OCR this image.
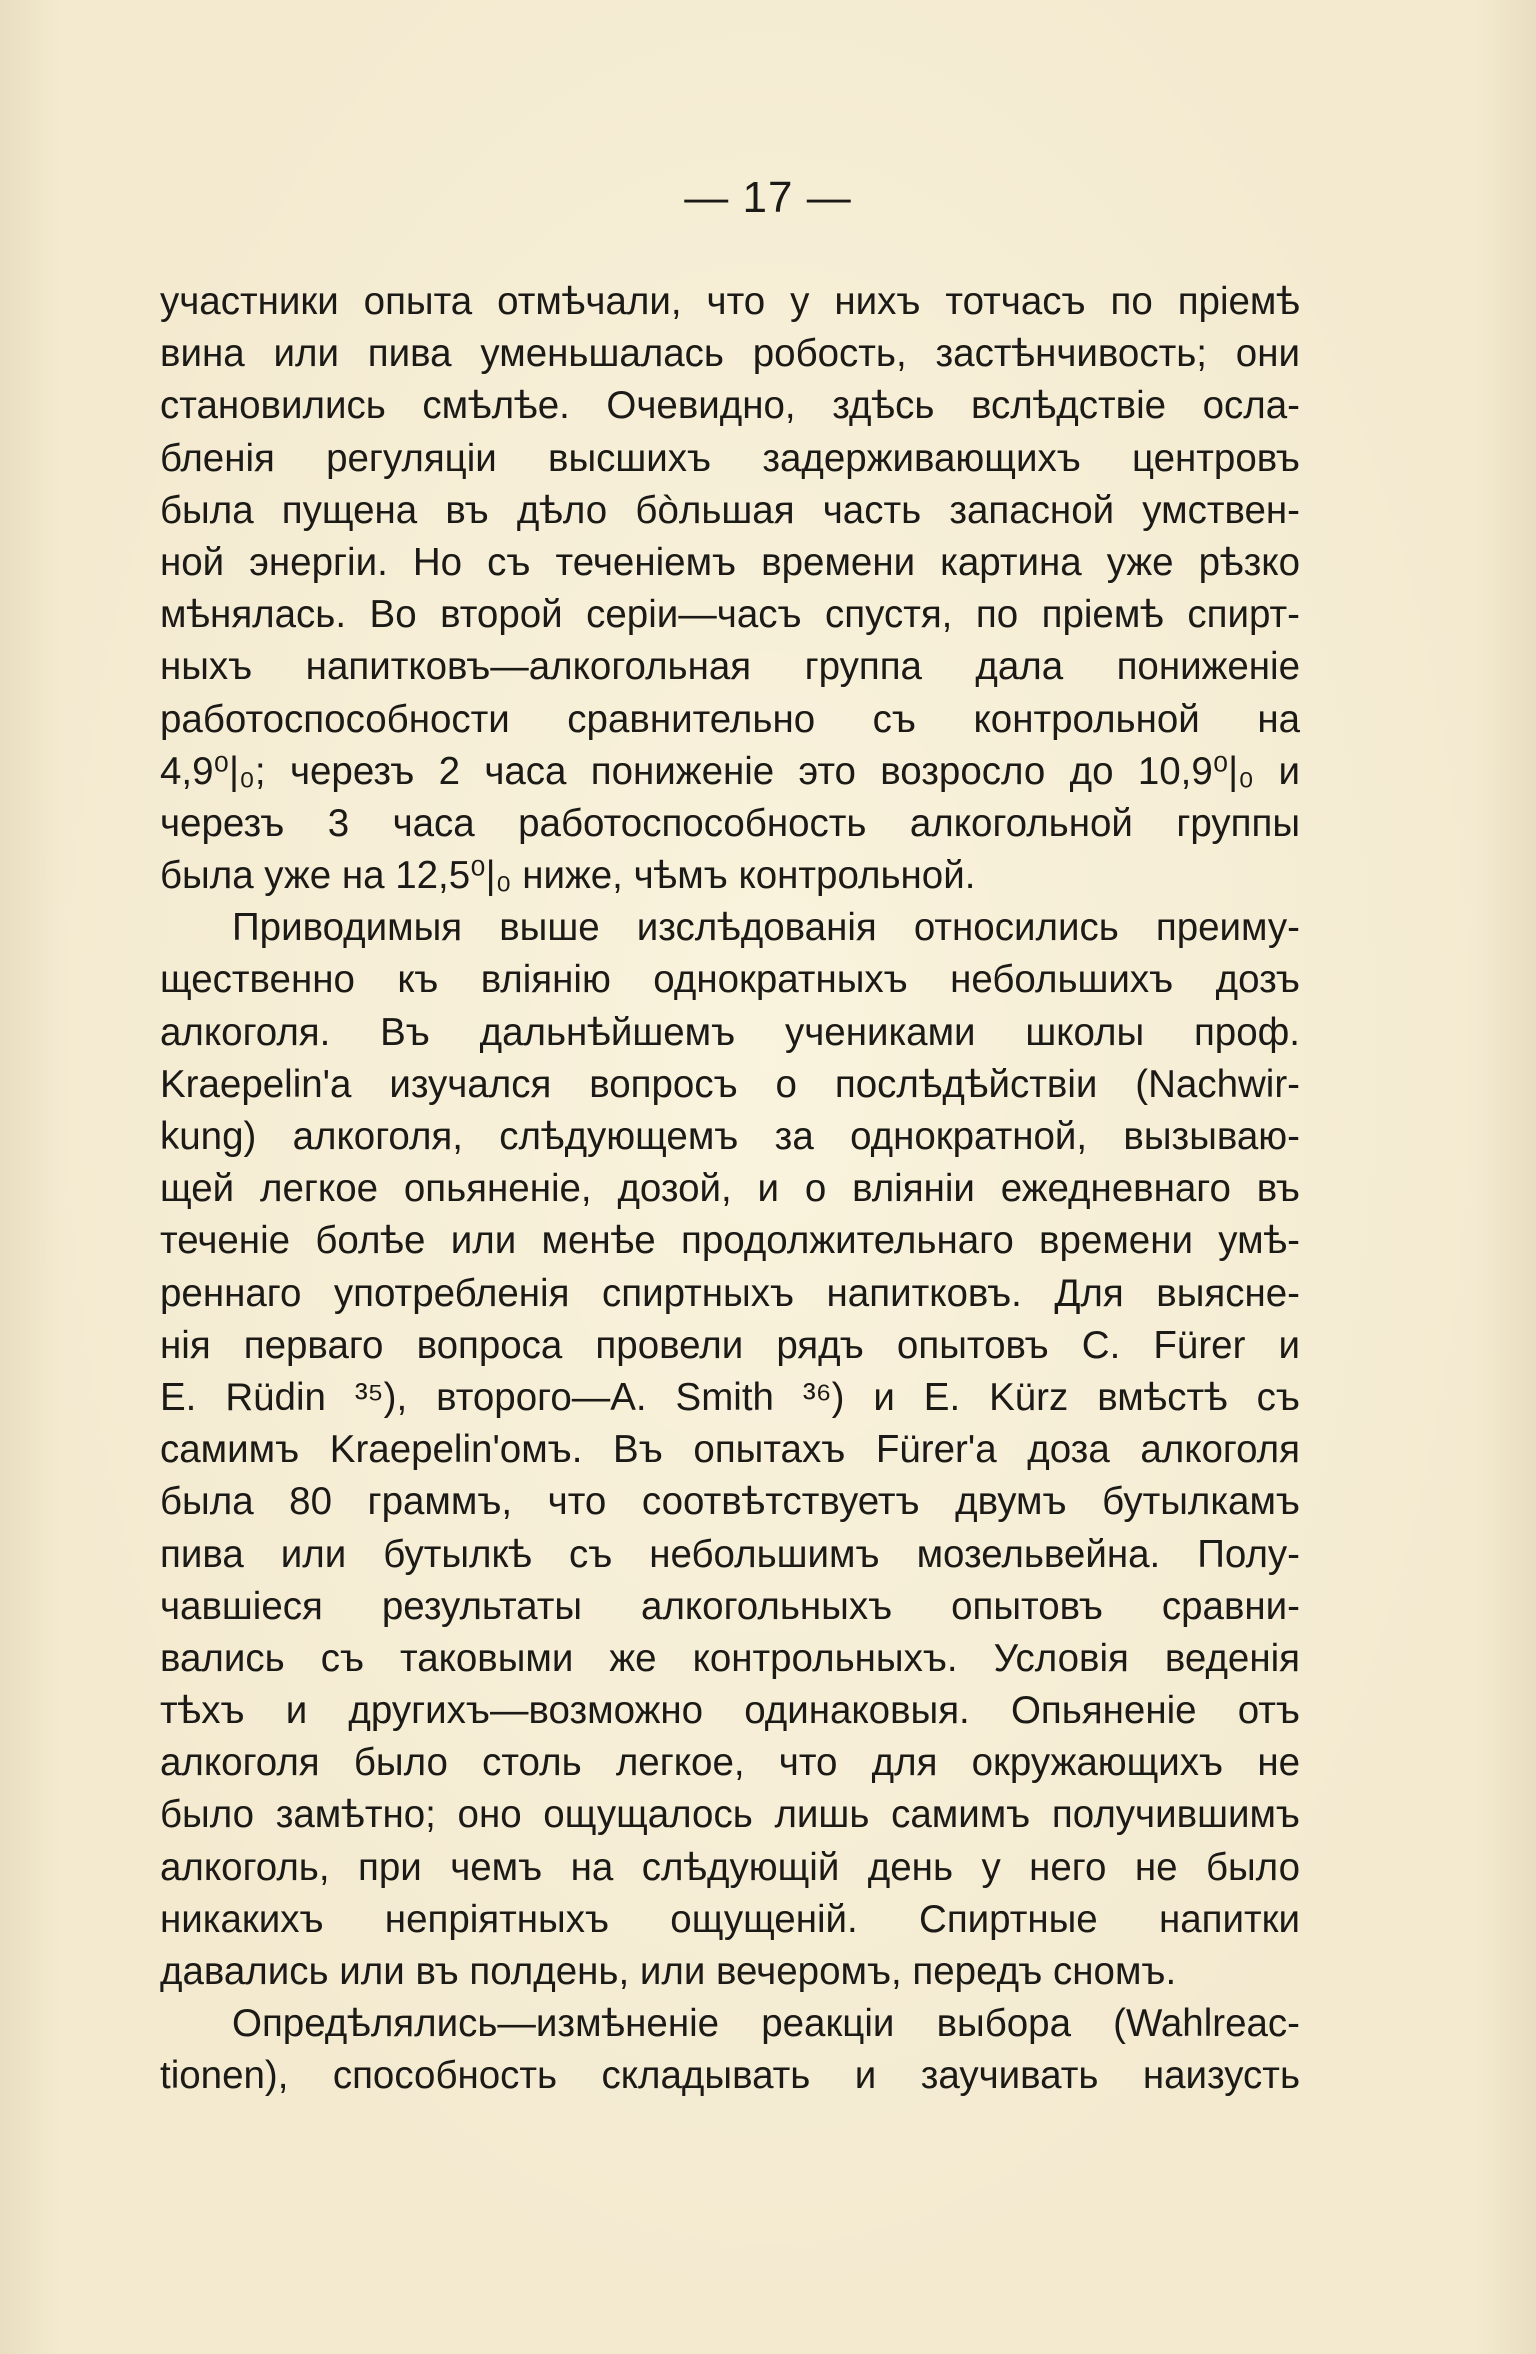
— 17 —
участники опыта отмѣчали, что у нихъ тотчасъ по пріемѣ
вина или пива уменьшалась робость, застѣнчивость; они
становились смѣлѣе. Очевидно, здѣсь вслѣдствіе осла-
бленія регуляціи высшихъ задерживающихъ центровъ
была пущена въ дѣло бòльшая часть запасной умствен-
ной энергіи. Но съ теченіемъ времени картина уже рѣзко
мѣнялась. Во второй серіи—часъ спустя, по пріемѣ спирт-
ныхъ напитковъ—алкогольная группа дала пониженіе
работоспособности сравнительно съ контрольной на
4,9⁰|₀; черезъ 2 часа пониженіе это возросло до 10,9⁰|₀ и
черезъ 3 часа работоспособность алкогольной группы
была уже на 12,5⁰|₀ ниже, чѣмъ контрольной.
Приводимыя выше изслѣдованія относились преиму-
щественно къ вліянію однократныхъ небольшихъ дозъ
алкоголя. Въ дальнѣйшемъ учениками школы проф.
Kraepelin'а изучался вопросъ о послѣдѣйствіи (Nachwir-
kung) алкоголя, слѣдующемъ за однократной, вызываю-
щей легкое опьяненіе, дозой, и о вліяніи ежедневнаго въ
теченіе болѣе или менѣе продолжительнаго времени умѣ-
реннаго употребленія спиртныхъ напитковъ. Для выясне-
нія перваго вопроса провели рядъ опытовъ С. Fürer и
E. Rüdin ³⁵), второго—A. Smith ³⁶) и E. Kürz вмѣстѣ съ
самимъ Kraepelin'омъ. Въ опытахъ Fürer'а доза алкоголя
была 80 граммъ, что соотвѣтствуетъ двумъ бутылкамъ
пива или бутылкѣ съ небольшимъ мозельвейна. Полу-
чавшіеся результаты алкогольныхъ опытовъ сравни-
вались съ таковыми же контрольныхъ. Условія веденія
тѣхъ и другихъ—возможно одинаковыя. Опьяненіе отъ
алкоголя было столь легкое, что для окружающихъ не
было замѣтно; оно ощущалось лишь самимъ получившимъ
алкоголь, при чемъ на слѣдующій день у него не было
никакихъ непріятныхъ ощущеній. Спиртные напитки
давались или въ полдень, или вечеромъ, передъ сномъ.
Опредѣлялись—измѣненіе реакціи выбора (Wahlreac-
tionen), способность складывать и заучивать наизусть
